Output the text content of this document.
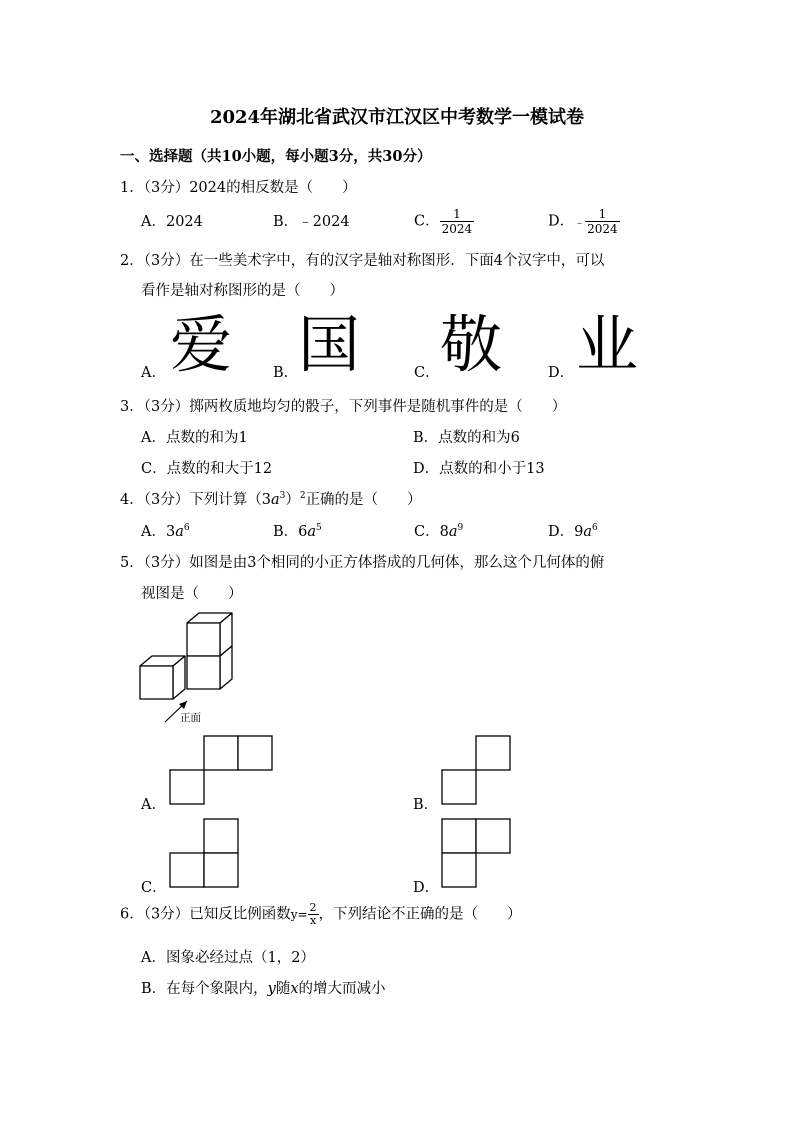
2024年湖北省武汉市江汉区中考数学一模试卷
一、选择题（共10小题，每小题3分，共30分）
1．（3分）2024的相反数是（　　）
A．2024	B．﹣2024	C． $\frac{1}{2024}$	D．﹣ $\frac{1}{2024}$
2．（3分）在一些美术字中，有的汉字是轴对称图形．下面4个汉字中，可以
看作是轴对称图形的是（　　）
A． 爱	B． 国	C． 敬	D． 业
3．（3分）掷两枚质地均匀的骰子，下列事件是随机事件的是（　　）
A．点数的和为1	B．点数的和为6
C．点数的和大于12	D．点数的和小于13
4．（3分）下列计算$(3a^3)^2$正确的是（　　）
A．$3a^6$	B．$6a^5$	C．$8a^9$	D．$9a^6$
5．（3分）如图是由3个相同的小正方体搭成的几何体，那么这个几何体的俯
视图是（　　）
正面
A．	B．
C．	D．
6．（3分）已知反比例函数$y= \frac{2}{x}$ ，下列结论不正确的是（　　）
A．图象必经过点（1，2）
B．在每个象限内，y随x的增大而减小
